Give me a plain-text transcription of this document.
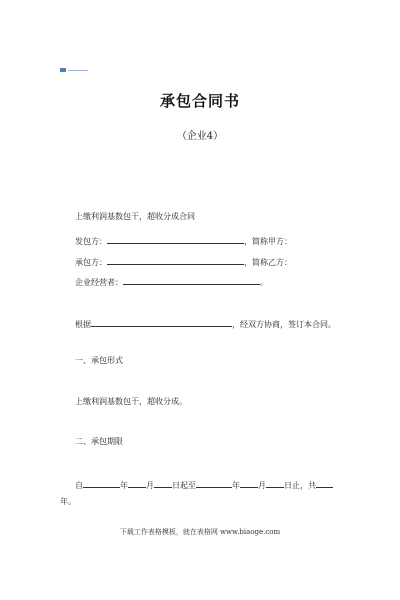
承包合同书
（企业4）
上缴利润基数包干，超收分成合同
发包方：	，简称甲方：
承包方：	，简称乙方：
企业经营者：	。
根据	，经双方协商，签订本合同。
一、承包形式
上缴利润基数包干，超收分成。
二、承包期限
自	年 月 日起至	年 月 日止，共
年。
下载工作表格模板，就在表格网 www.biaoge.com
